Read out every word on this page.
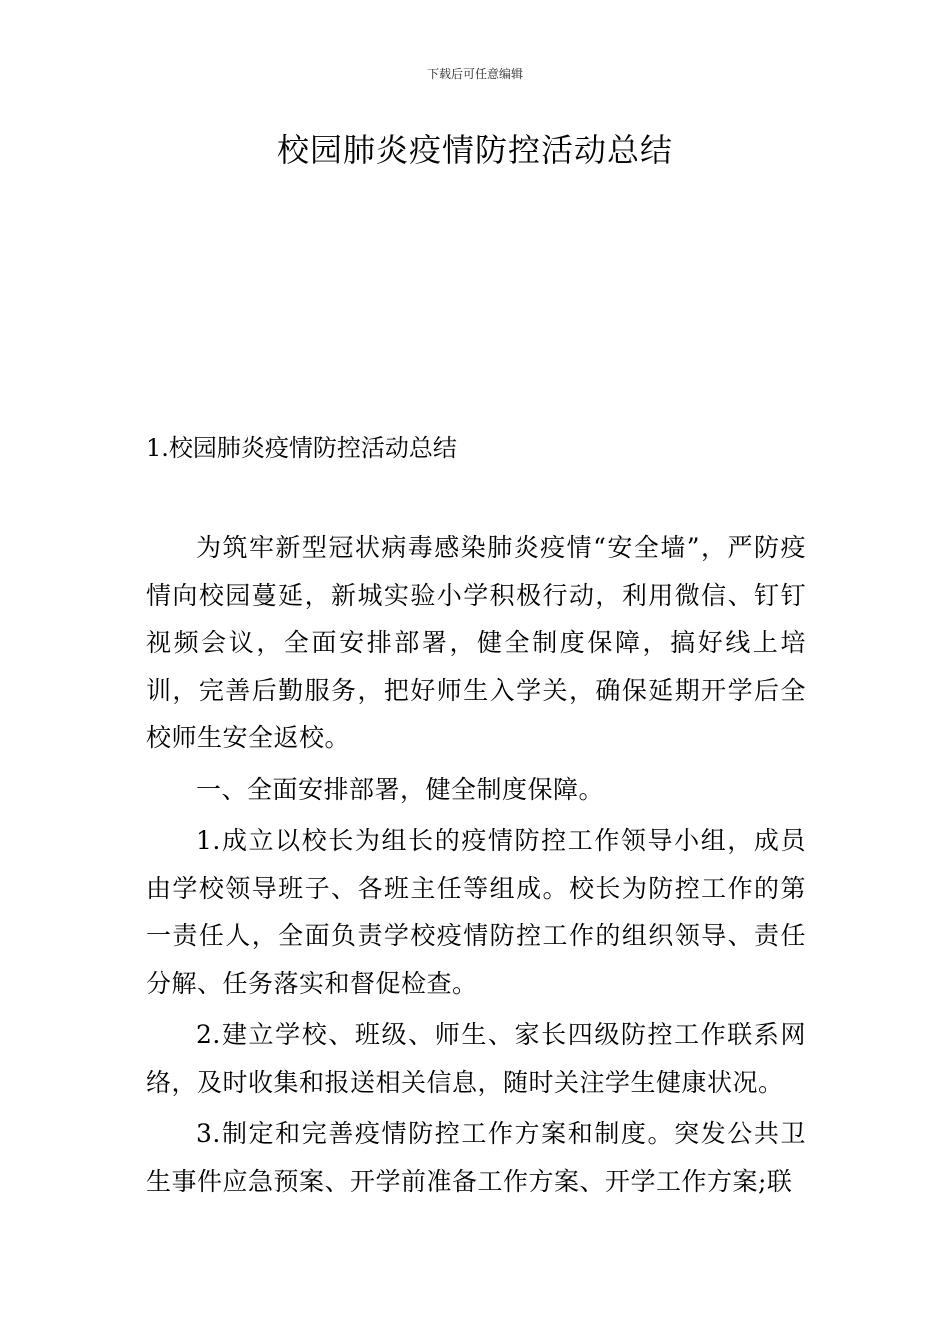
下载后可任意编辑
校园肺炎疫情防控活动总结
1.校园肺炎疫情防控活动总结

为筑牢新型冠状病毒感染肺炎疫情“安全墙”，严防疫情向校园蔓延，新城实验小学积极行动，利用微信、钉钉视频会议，全面安排部署，健全制度保障，搞好线上培训，完善后勤服务，把好师生入学关，确保延期开学后全校师生安全返校。

一、全面安排部署，健全制度保障。

1.成立以校长为组长的疫情防控工作领导小组，成员由学校领导班子、各班主任等组成。校长为防控工作的第一责任人，全面负责学校疫情防控工作的组织领导、责任分解、任务落实和督促检查。

2.建立学校、班级、师生、家长四级防控工作联系网络，及时收集和报送相关信息，随时关注学生健康状况。

3.制定和完善疫情防控工作方案和制度。突发公共卫生事件应急预案、开学前准备工作方案、开学工作方案;联
